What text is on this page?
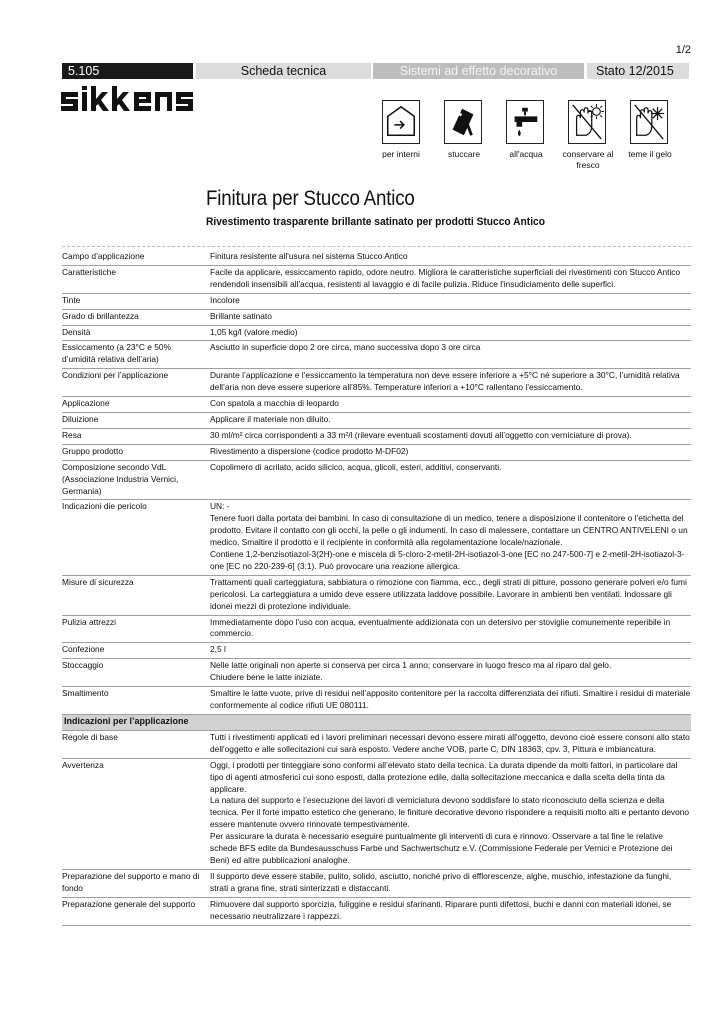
1/2
5.105	Scheda tecnica	Sistemi ad effetto decorativo	Stato 12/2015
per interni	stuccare	all'acqua	conservare al fresco
teme il gelo
Finitura per Stucco Antico
Rivestimento trasparente brillante satinato per prodotti Stucco Antico
Campo d’applicazione	Finitura resistente all'usura nel sistema Stucco Antico
Caratteristiche	Facile da applicare, essiccamento rapido, odore neutro. Migliora le caratteristiche superficiali dei rivestimenti con Stucco Antico rendendoli insensibili all'acqua, resistenti al lavaggio e di facile pulizia. Riduce l'insudiciamento delle superfici.
Tinte	Incolore
Grado di brillantezza	Brillante satinato
Densità	1,05 kg/l (valore medio)
Essiccamento (a 23°C e 50% d’umidità relativa dell’aria)	Asciutto in superficie dopo 2 ore circa, mano successiva dopo 3 ore circa
Condizioni per l’applicazione	Durante l’applicazione e l’essiccamento la temperatura non deve essere inferiore a +5°C né superiore a 30°C, l’umidità relativa dell’aria non deve essere superiore all’85%. Temperature inferiori a +10°C rallentano l’essiccamento.
Applicazione	Con spatola a macchia di leopardo
Diluizione	Applicare il materiale non diluito.
Resa	30 ml/m² circa corrispondenti a 33 m²/l (rilevare eventuali scostamenti dovuti all’oggetto con verniciature di prova).
Gruppo prodotto	Rivestimento a dispersione (codice prodotto M-DF02)
Composizione secondo VdL (Associazione Industria Vernici, Germania)	Copolimero di acrilato, acido silicico, acqua, glicoli, esteri, additivi, conservanti.
Indicazioni die pericolo	UN: -
Tenere fuori dalla portata dei bambini. In caso di consultazione di un medico, tenere a disposizione il contenitore o l’etichetta del prodotto. Evitare il contatto con gli occhi, la pelle o gli indumenti. In caso di malessere, contattare un CENTRO ANTIVELENI o un medico. Smaltire il prodotto e il recipiente in conformità alla regolamentazione locale/nazionale.
Contiene 1,2-benzisotiazol-3(2H)-one e miscela di 5-cloro-2-metil-2H-isotiazol-3-one [EC no 247-500-7] e 2-metil-2H-isotiazol-3-one [EC no 220-239-6] (3:1). Può provocare una reazione allergica.
Misure di sicurezza	Trattamenti quali carteggiatura, sabbiatura o rimozione con fiamma, ecc., degli strati di pitture, possono generare polveri e/o fumi pericolosi. La carteggiatura a umido deve essere utilizzata laddove possibile. Lavorare in ambienti ben ventilati. Indossare gli idonei mezzi di protezione individuale.
Pulizia attrezzi	Immediatamente dopo l'uso con acqua, eventualmente addizionata con un detersivo per stoviglie comunemente reperibile in commercio.
Confezione	2,5 l
Stoccaggio	Nelle latte originali non aperte si conserva per circa 1 anno; conservare in luogo fresco ma al riparo dal gelo.
Chiudere bene le latte iniziate.
Smaltimento	Smaltire le latte vuote, prive di residui nell’apposito contenitore per la raccolta differenziata dei rifiuti. Smaltire i residui di materiale conformemente al codice rifiuti UE 080111.
Indicazioni per l’applicazione	
Regole di base	Tutti i rivestimenti applicati ed i lavori preliminari necessari devono essere mirati all'oggetto, devono cioè essere consoni allo stato dell'oggetto e alle sollecitazioni cui sarà esposto. Vedere anche VOB, parte C, DIN 18363, cpv. 3, Pittura e imbiancatura.
Avvertenza	Oggi, i prodotti per tinteggiare sono conformi all’elevato stato della tecnica. La durata dipende da molti fattori, in particolare dal tipo di agenti atmosferici cui sono esposti, dalla protezione edile, dalla sollecitazione meccanica e dalla scelta della tinta da applicare.
La natura del supporto e l’esecuzione dei lavori di verniciatura devono soddisfare lo stato riconosciuto della scienza e della tecnica. Per il forte impatto estetico che generano, le finiture decorative devono rispondere a requisiti molto alti e pertanto devono essere mantenute ovvero rinnovate tempestivamente.
Per assicurare la durata è necessario eseguire puntualmente gli interventi di cura e rinnovo. Osservare a tal fine le relative schede BFS edite da Bundesausschuss Farbe und Sachwertschutz e.V. (Commissione Federale per Vernici e Protezione dei Beni) ed altre pubblicazioni analoghe.
Preparazione del supporto e mano di fondo	Il supporto deve essere stabile, pulito, solido, asciutto, nonché privo di efflorescenze, alghe, muschio, infestazione da funghi, strati a grana fine, strati sinterizzati e distaccanti.
Preparazione generale del supporto	Rimuovere dal supporto sporcizia, fuliggine e residui sfarinanti. Riparare punti difettosi, buchi e danni con materiali idonei, se necessario neutralizzare i rappezzi.
